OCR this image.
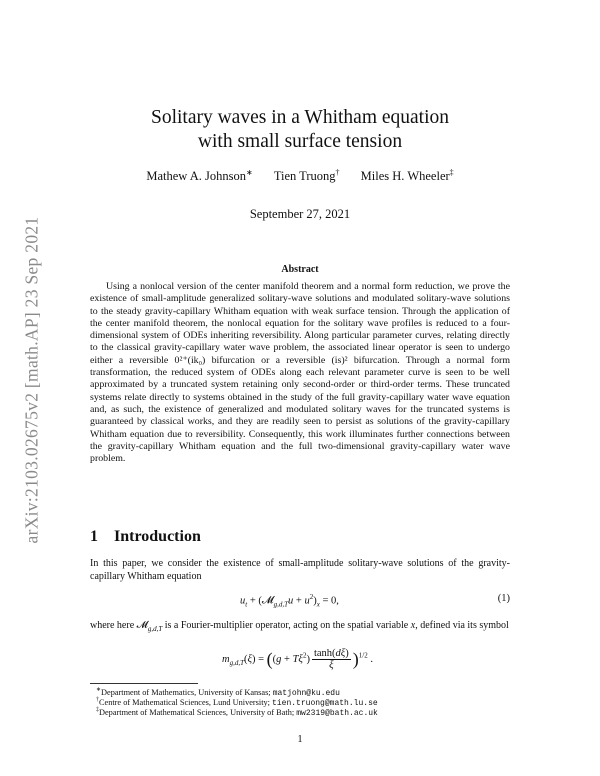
arXiv:2103.02675v2 [math.AP] 23 Sep 2021
Solitary waves in a Whitham equation
with small surface tension
Mathew A. Johnson∗ Tien Truong† Miles H. Wheeler‡
September 27, 2021
Abstract

Using a nonlocal version of the center manifold theorem and a normal form reduction, we prove the existence of small-amplitude generalized solitary-wave solutions and modulated solitary-wave solutions to the steady gravity-capillary Whitham equation with weak surface tension. Through the application of the center manifold theorem, the nonlocal equation for the solitary wave profiles is reduced to a four-dimensional system of ODEs inheriting reversibility. Along particular parameter curves, relating directly to the classical gravity-capillary water wave problem, the associated linear operator is seen to undergo either a reversible 0²⁺(ik₀) bifurcation or a reversible (is)² bifurcation. Through a normal form transformation, the reduced system of ODEs along each relevant parameter curve is seen to be well approximated by a truncated system retaining only second-order or third-order terms. These truncated systems relate directly to systems obtained in the study of the full gravity-capillary water wave equation and, as such, the existence of generalized and modulated solitary waves for the truncated systems is guaranteed by classical works, and they are readily seen to persist as solutions of the gravity-capillary Whitham equation due to reversibility. Consequently, this work illuminates further connections between the gravity-capillary Whitham equation and the full two-dimensional gravity-capillary water wave problem.

1 Introduction

In this paper, we consider the existence of small-amplitude solitary-wave solutions of the gravity-capillary Whitham equation

$u_t$ + (𝓜$_{g,d,T}$u + $u^2)_x = 0$,	(1)

where here 𝓜$_{g,d,T}$ is a Fourier-multiplier operator, acting on the spatial variable x, defined via its symbol

$m_{g,d,T}(\xi) = ((g + T\xi^2) \frac{\tanh(d\xi)}{\xi} )^{1/2}$ .

∗Department of Mathematics, University of Kansas; matjohn@ku.edu

†Centre of Mathematical Sciences, Lund University; tien.truong@math.lu.se

‡Department of Mathematical Sciences, University of Bath; mw2319@bath.ac.uk

1
